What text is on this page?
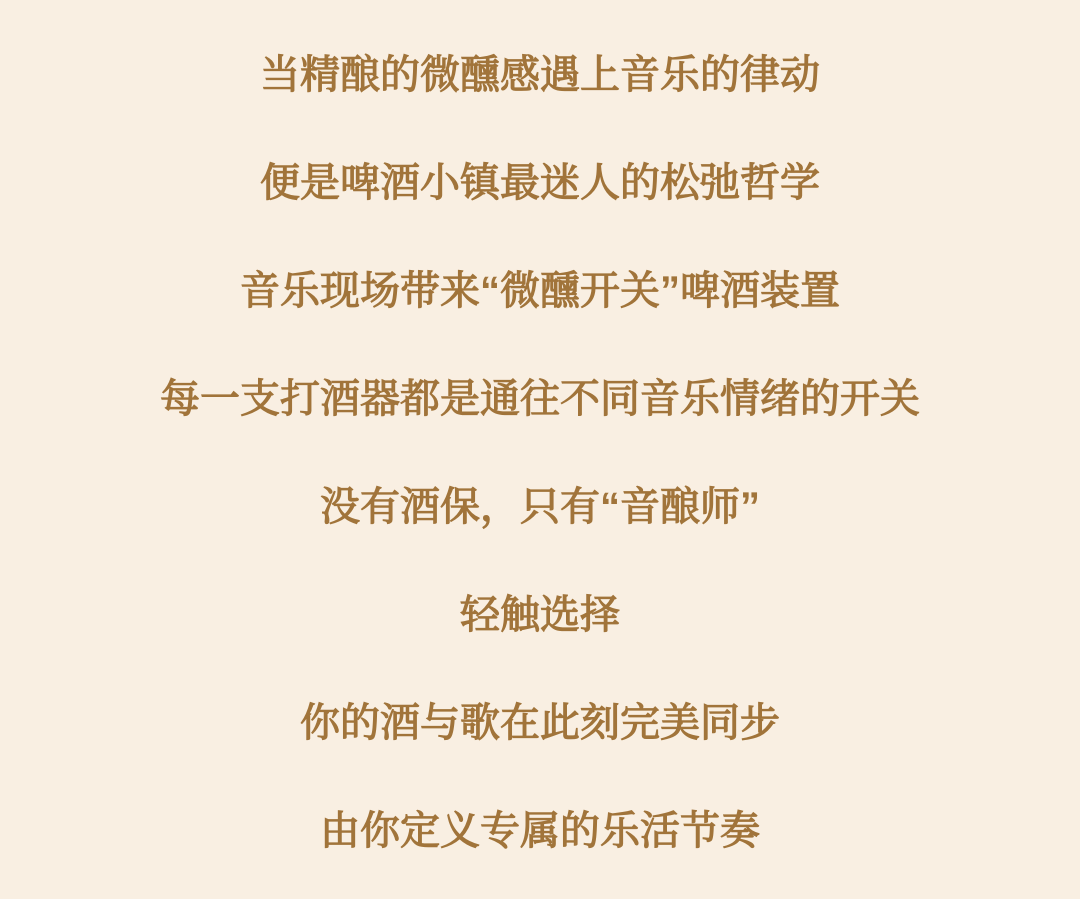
当精酿的微醺感遇上音乐的律动

便是啤酒小镇最迷人的松弛哲学

音乐现场带来“微醺开关”啤酒装置

每一支打酒器都是通往不同音乐情绪的开关

没有酒保，只有“音酿师”

轻触选择

你的酒与歌在此刻完美同步

由你定义专属的乐活节奏
